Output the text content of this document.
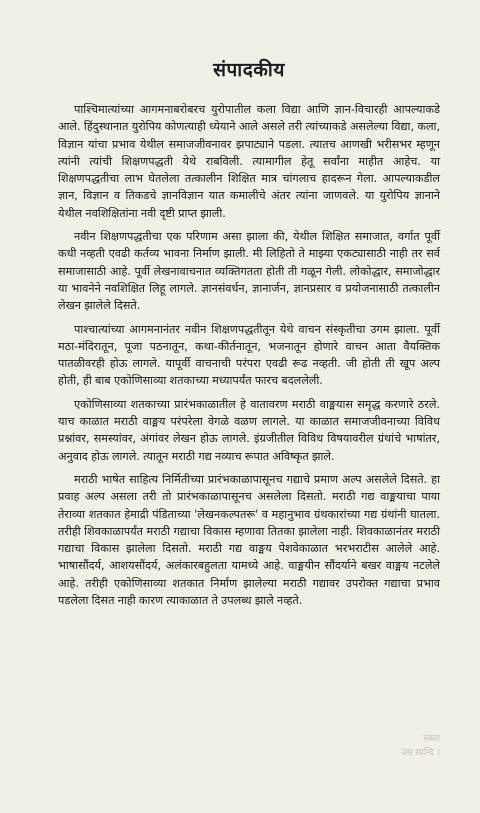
संपादकीय

पाश्चिमात्यांच्या आगमनाबरोबरच युरोपातील कला विद्या आणि ज्ञान-विचारही आपल्याकडे आले. हिंदुस्थानात युरोपिय कोणत्याही ध्येयाने आले असले तरी त्यांच्याकडे असलेल्या विद्या, कला, विज्ञान यांचा प्रभाव येथील समाजजीवनावर झपाट्याने पडला. त्यातच आणखी भरीसभर म्हणून त्यांनी त्यांची शिक्षणपद्धती येथे राबविली. त्यामागील हेतू सर्वांना माहीत आहेच. या शिक्षणपद्धतीचा लाभ घेतलेला तत्कालीन शिक्षित मात्र चांगलाच हादरून गेला. आपल्याकडील ज्ञान, विज्ञान व तिकडचे ज्ञानविज्ञान यात कमालीचे अंतर त्यांना जाणवले. या युरोपिय ज्ञानाने येथील नवशिक्षितांना नवी दृष्टी प्राप्त झाली.

नवीन शिक्षणपद्धतीचा एक परिणाम असा झाला की, येथील शिक्षित समाजात, वर्गात पूर्वी कधी नव्हती एवढी कर्तव्य भावना निर्माण झाली. मी लिहितो ते माझ्या एकट्यासाठी नाही तर सर्व समाजासाठी आहे. पूर्वी लेखनावाचनात व्यक्तिगतता होती ती गळून गेली. लोकोद्धार, समाजोद्धार या भावनेने नवशिक्षित लिहू लागले. ज्ञानसंवर्धन, ज्ञानार्जन, ज्ञानप्रसार व प्रयोजनासाठी तत्कालीन लेखन झालेले दिसते.

पाश्चात्यांच्या आगमनानंतर नवीन शिक्षणपद्धतीतून येथे वाचन संस्कृतीचा उगम झाला. पूर्वी मठा-मंदिरातून, पूजा पठनातून, कथा-कीर्तनातून, भजनातून होणारे वाचन आता वैयक्तिक पातळीवरही होऊ लागले. यापूर्वी वाचनाची परंपरा एवढी रूढ नव्हती. जी होती ती खूप अल्प होती, ही बाब एकोणिसाव्या शतकाच्या मध्यापर्यंत फारच बदललेली.

एकोणिसाव्या शतकाच्या प्रारंभकाळातील हे वातावरण मराठी वाङ्मयास समृद्ध करणारे ठरले. याच काळात मराठी वाङ्मय परंपरेला वेगळे वळण लागले. या काळात समाजजीवनाच्या विविध प्रश्नांवर, समस्यांवर, अंगांवर लेखन होऊ लागले. इंग्रजीतील विविध विषयावरील ग्रंथांचे भाषांतर, अनुवाद होऊ लागले. त्यातून मराठी गद्य नव्याच रूपात अविष्कृत झाले.

मराठी भाषेत साहित्य निर्मितीच्या प्रारंभकाळापासूनच गद्याचे प्रमाण अल्प असलेले दिसते. हा प्रवाह अल्प असला तरी तो प्रारंभकाळापासूनच असलेला दिसतो. मराठी गद्य वाङ्मयाचा पाया तेराव्या शतकात हेमाद्री पंडिताच्या 'लेखनकल्पतरू' व महानुभाव ग्रंथकारांच्या गद्य ग्रंथांनी घातला. तरीही शिवकाळापर्यंत मराठी गद्याचा विकास म्हणावा तितका झालेला नाही. शिवकाळानंतर मराठी गद्याचा विकास झालेला दिसतो. मराठी गद्य वाङ्मय पेशवेकाळात भरभराटीस आलेले आहे. भाषासौंदर्य, आशयसौंदर्य, अलंकारबहुलता यामध्ये आहे. वाङ्मयीन सौंदर्याने बखर वाङ्मय नटलेले आहे. तरीही एकोणिसाव्या शतकात निर्माण झालेल्या मराठी गद्यावर उपरोक्त गद्याचा प्रभाव पडलेला दिसत नाही कारण त्याकाळात ते उपलब्ध झाले नव्हते.

स्कार
उस सान्दि ।
